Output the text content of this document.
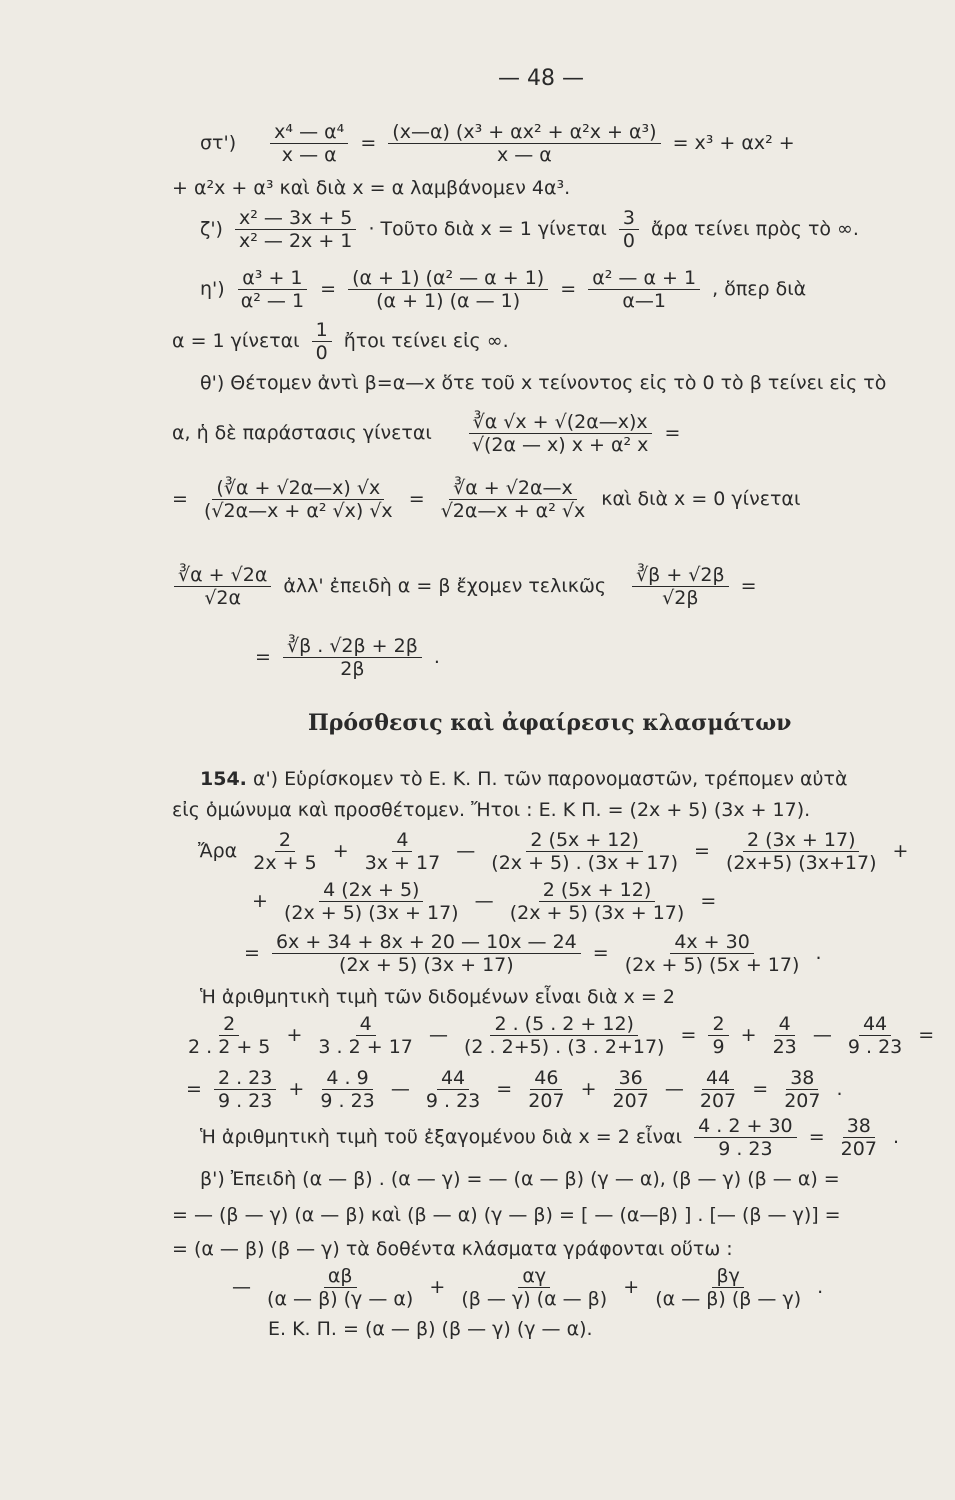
— 48 —
$\sigma\tau') \frac{\text{x⁴ — α⁴}}{x — \alpha} = \frac{\text{(x—α) (x³ + αx² + α²x + α³)}}{x — \alpha} = x^3 + \alpha x^2$ +
+ α²x + α³ καὶ διὰ x = α λαμβάνομεν 4α³.
$\zeta') \frac{\text{x² — 3x + 5}}{\text{x² — 2x + 1}}$ · Τοῦτο διὰ x = 1 γίνεται $\frac{3}{0}$ ἄρα τείνει πρὸς τὸ ∞.
$\eta') \frac{\text{α³ + 1}}{\text{α² — 1}} = \frac{\text{(α + 1) (α² — α + 1)}}{(\alpha + 1) (\alpha — 1)} = \frac{\text{α² — α + 1}}{\alpha—1}$ , ὅπερ διὰ
α = 1 γίνεται $\frac{1}{0}$ ἤτοι τείνει εἰς ∞.
θ') Θέτομεν ἀντὶ β=α—x ὅτε τοῦ x τείνοντος εἰς τὸ 0 τὸ β τείνει εἰς τὸ
α, ἡ δὲ παράστασις γίνεται $\frac{∛\alpha √x + √(2\alpha—x)x}{\text{√(2α — x) x + α² x}}$ =
= $\frac{(∛\alpha + √2\alpha—x) √x}{\text{(√2α—x + α² √x) √x}} = \frac{∛\alpha + √2\alpha—x}{\text{√2α—x + α² √x}}$ καὶ διὰ x = 0 γίνεται
$\frac{∛\alpha + √2\alpha}{√2\alpha}$ ἀλλ' ἐπειδὴ α = β ἔχομεν τελικῶς $\frac{∛\beta + √2\beta}{√2\beta}$ =
= $\frac{∛\beta . √2\beta + 2\beta}{2\beta}$ .
Πρόσθεσις καὶ ἀφαίρεσις κλασμάτων
154. α') Εὑρίσκομεν τὸ Ε. Κ. Π. τῶν παρονομαστῶν, τρέπομεν αὐτὰ
εἰς ὁμώνυμα καὶ προσθέτομεν. Ἤτοι : Ε. Κ Π. = (2x + 5) (3x + 17).
Ἄρα $\frac{2}{2x + 5} + \frac{4}{3x + 17}$ — $\frac{2 (5x + 12)}{(2x + 5) . (3x + 17)} = \frac{2 (3x + 17)}{(2x+5) (3x+17)}$ +
+ $\frac{4 (2x + 5)}{(2x + 5) (3x + 17)}$ — $\frac{2 (5x + 12)}{(2x + 5) (3x + 17)}$ =
= $\frac{6x + 34 + 8x + 20 — 10x — 24}{(2x + 5) (3x + 17)} = \frac{4x + 30}{(2x + 5) (5x + 17)}$ .
Ἡ ἀριθμητικὴ τιμὴ τῶν διδομένων εἶναι διὰ x = 2
$\frac{2}{2 . 2 + 5} + \frac{4}{3 . 2 + 17}$ — $\frac{2 . (5 . 2 + 12)}{(2 . 2+5) . (3 . 2+17)} = \frac{2}{9} + \frac{4}{23}$ — $\frac{44}{9 . 23}$ =
= $\frac{2 . 23}{9 . 23} + \frac{4 . 9}{9 . 23}$ — $\frac{44}{9 . 23} = \frac{46}{207} + \frac{36}{207}$ — $\frac{44}{207} = \frac{38}{207}$ .
Ἡ ἀριθμητικὴ τιμὴ τοῦ ἐξαγομένου διὰ x = 2 εἶναι $\frac{4 . 2 + 30}{9 . 23} = \frac{38}{207}$ .
β') Ἐπειδὴ (α — β) . (α — γ) = — (α — β) (γ — α), (β — γ) (β — α) =
= — (β — γ) (α — β) καὶ (β — α) (γ — β) = [ — (α—β) ] . [— (β — γ)] =
= (α — β) (β — γ) τὰ δοθέντα κλάσματα γράφονται οὕτω :
— $\frac{\alpha\beta}{(\alpha — \beta) (\gamma — \alpha)} + \frac{\alpha\gamma}{(\beta — \gamma) (\alpha — \beta)} + \frac{\beta\gamma}{(\alpha — \beta) (\beta — \gamma)}$ .
Ε. Κ. Π. = (α — β) (β — γ) (γ — α).
